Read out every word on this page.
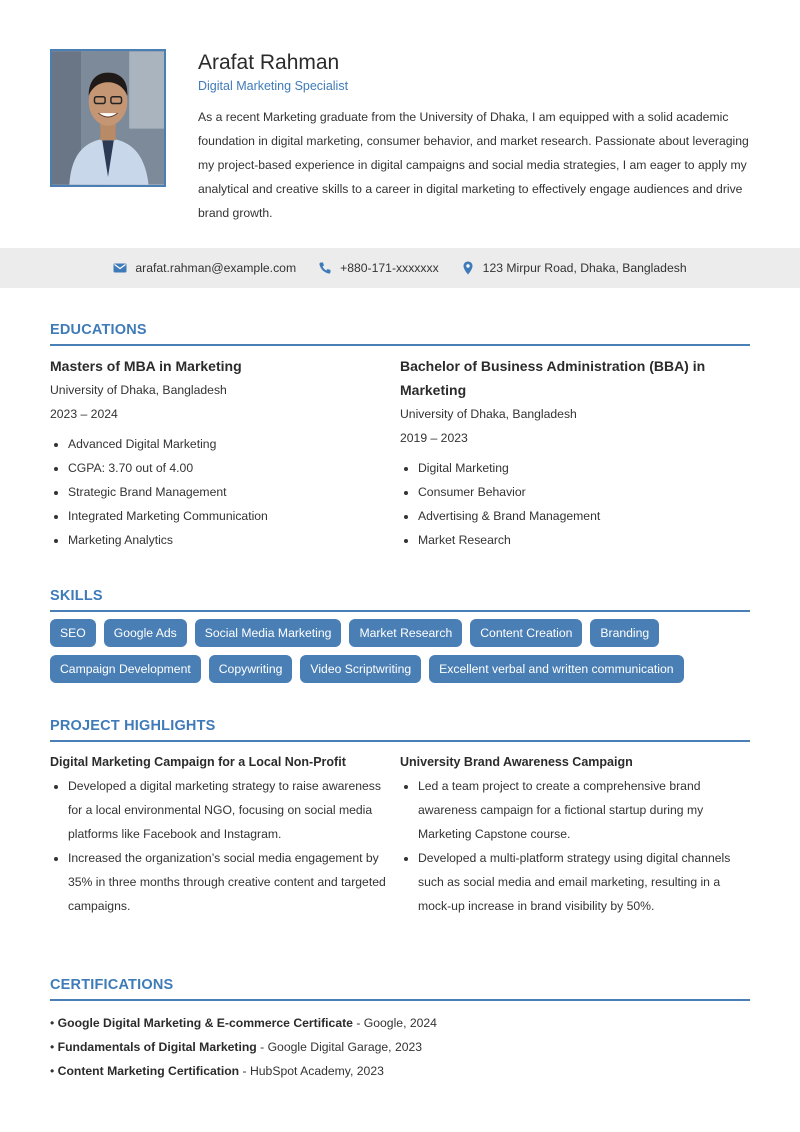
Arafat Rahman
Digital Marketing Specialist

As a recent Marketing graduate from the University of Dhaka, I am equipped with a solid academic foundation in digital marketing, consumer behavior, and market research. Passionate about leveraging my project-based experience in digital campaigns and social media strategies, I am eager to apply my analytical and creative skills to a career in digital marketing to effectively engage audiences and drive brand growth.

arafat.rahman@example.com	+880-171-xxxxxxx	123 Mirpur Road, Dhaka, Bangladesh
EDUCATIONS
Masters of MBA in Marketing
University of Dhaka, Bangladesh
2023 – 2024
• Advanced Digital Marketing
• CGPA: 3.70 out of 4.00
• Strategic Brand Management
• Integrated Marketing Communication
• Marketing Analytics
Bachelor of Business Administration (BBA) in Marketing
University of Dhaka, Bangladesh
2019 – 2023
• Digital Marketing
• Consumer Behavior
• Advertising & Brand Management
• Market Research
SKILLS
SEO	Google Ads	Social Media Marketing	Market Research	Content Creation	Branding
Campaign Development	Copywriting	Video Scriptwriting	Excellent verbal and written communication
PROJECT HIGHLIGHTS
Digital Marketing Campaign for a Local Non-Profit
• Developed a digital marketing strategy to raise awareness for a local environmental NGO, focusing on social media platforms like Facebook and Instagram.
• Increased the organization’s social media engagement by 35% in three months through creative content and targeted campaigns.
University Brand Awareness Campaign
• Led a team project to create a comprehensive brand awareness campaign for a fictional startup during my Marketing Capstone course.
• Developed a multi-platform strategy using digital channels such as social media and email marketing, resulting in a mock-up increase in brand visibility by 50%.
CERTIFICATIONS
• Google Digital Marketing & E-commerce Certificate - Google, 2024
• Fundamentals of Digital Marketing - Google Digital Garage, 2023
• Content Marketing Certification - HubSpot Academy, 2023
